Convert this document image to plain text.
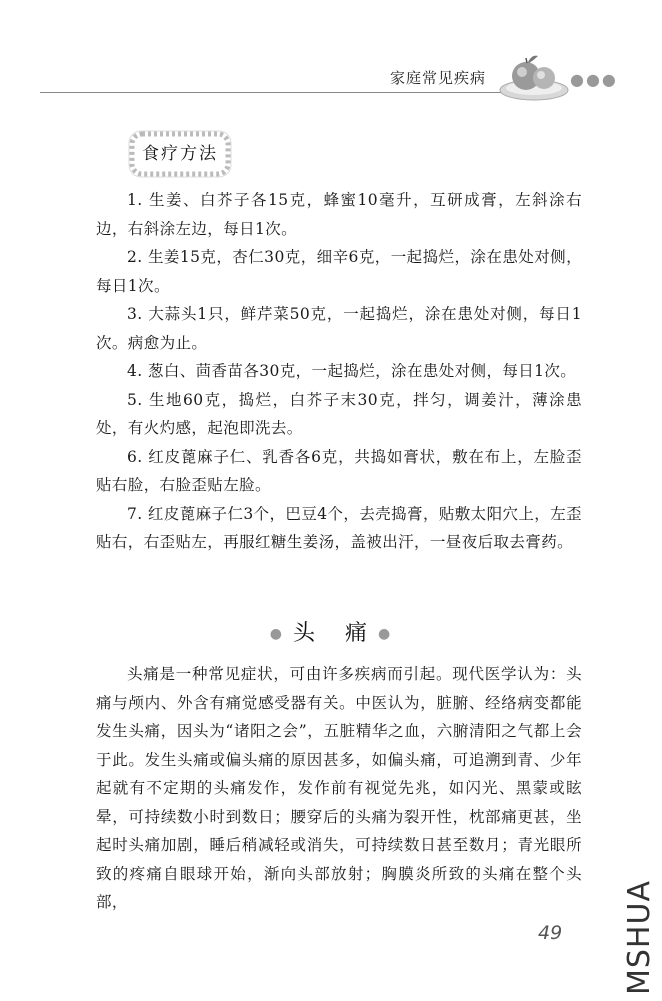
家庭常见疾病	●●●
食疗方法

1. 生姜、白芥子各15克，蜂蜜10毫升，互研成膏，左斜涂右边，右斜涂左边，每日1次。

2. 生姜15克，杏仁30克，细辛6克，一起捣烂，涂在患处对侧，每日1次。

3. 大蒜头1只，鲜芹菜50克，一起捣烂，涂在患处对侧，每日1次。病愈为止。

4. 葱白、茴香苗各30克，一起捣烂，涂在患处对侧，每日1次。

5. 生地60克，捣烂，白芥子末30克，拌匀，调姜汁，薄涂患处，有火灼感，起泡即洗去。

6. 红皮蓖麻子仁、乳香各6克，共捣如膏状，敷在布上，左脸歪贴右脸，右脸歪贴左脸。

7. 红皮蓖麻子仁3个，巴豆4个，去壳捣膏，贴敷太阳穴上，左歪贴右，右歪贴左，再服红糖生姜汤，盖被出汗，一昼夜后取去膏药。

● 头 痛 ●

头痛是一种常见症状，可由许多疾病而引起。现代医学认为：头痛与颅内、外含有痛觉感受器有关。中医认为，脏腑、经络病变都能发生头痛，因头为“诸阳之会”，五脏精华之血，六腑清阳之气都上会于此。发生头痛或偏头痛的原因甚多，如偏头痛，可追溯到青、少年起就有不定期的头痛发作，发作前有视觉先兆，如闪光、黑蒙或眩晕，可持续数小时到数日；腰穿后的头痛为裂开性，枕部痛更甚，坐起时头痛加剧，睡后稍减轻或消失，可持续数日甚至数月；青光眼所致的疼痛自眼球开始，渐向头部放射；胸膜炎所致的头痛在整个头部，

49 MSHUA
